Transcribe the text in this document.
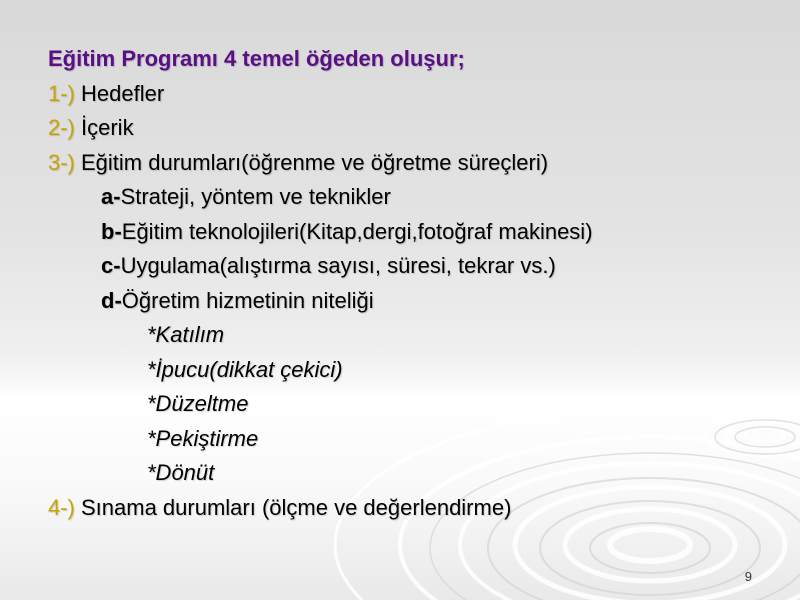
Eğitim Programı 4 temel öğeden oluşur;
1-) Hedefler
2-) İçerik
3-) Eğitim durumları(öğrenme ve öğretme süreçleri)
a-Strateji, yöntem ve teknikler
b-Eğitim teknolojileri(Kitap,dergi,fotoğraf makinesi)
c-Uygulama(alıştırma sayısı, süresi, tekrar vs.)
d-Öğretim hizmetinin niteliği
*Katılım
*İpucu(dikkat çekici)
*Düzeltme
*Pekiştirme
*Dönüt
4-) Sınama durumları (ölçme ve değerlendirme)
9
